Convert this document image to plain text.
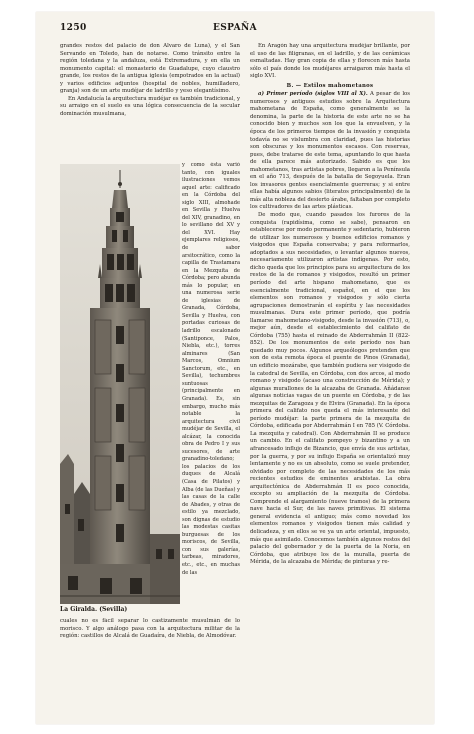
1250	ESPAÑA

grandes restos del palacio de don Álvaro de Luna), y el San Servando en Toledo, han de notarse. Como tránsito entre la región toledana y la andaluza, está Extremadura, y en ella un monumento capital: el monasterio de Guadalupe, cuyo claustro grande, los restos de la antigua iglesia (empotrados en la actual) y varios edificios adjuntos (hospital de nobles, humilladero, granja) son de un arte mudéjar de ladrillo y yeso elegantísimo.

En Andalucía la arquitectura mudéjar es también tradicional, y su arraigo en el suelo es una lógica consecuencia de la secular dominación musulmana,

La Giralda. (Sevilla)
y como ésta varió tanto, con iguales ilustraciones vemos aquel arte: calificado en la Córdoba del siglo XIII, almohade en Sevilla y Huelva del XIV, granadino, en lo sevillano del XV y del XVI. Hay ejemplares religiosos, de sabor arsitocrático, como la capilla de Trastamara en la Mezquita de Córdoba; pero abunda más lo popular, en una numerosa serie de iglesias de Granada, Córdoba, Sevilla y Huelva, con portadas curiosas de ladrillo escalonado (Santiponce, Palos, Niebla, etc.), torres alminares (San Marcos, Omnium Sanctorum, etc., en Sevilla), techumbres suntuosas (principalmente en Granada). Es, sin embargo, mucho más notable la arquitectura civil mudéjar de Sevilla, el alcázar, la conocida obra de Pedro I y sus sucesores, de arte granadino-toledano; los palacios de los duques de Alcalá (Casa de Pilatos) y Alba (de las Dueñas) y las casas de la calle de Abades, y otras de estilo ya mezclado, son dignas de estudio las modestas casitas burguesas de los moriscos, de Sevilla, con sus galerías, tarbeas, miradores, etc., etc., en muchas de las

cuales no es fácil separar lo castizamente musulmán de lo morisco. Y algo análogo pasa con la arquitectura militar de la región: castillos de Alcalá de Guadaíra, de Niebla, de Almodóvar.

En Aragón hay una arquitectura mudéjar brillante, por el uso de las filigranas, en el ladrillo, y de las cerámicas esmaltadas. Hay gran copia de ellas y florecen más hasta sólo el país donde los mudéjares arraigaron más hasta el siglo XVI.

B. — Estilos mahometanos

a) Primer período (siglos VIII al X). A pesar de los numerosos y antiguos estudios sobre la Arquitectura mahometana de España, como generalmente se la denomina, la parte de la historia de este arte no se ha conocido bien y muchos son los que la envuelven, y la época de los primeros tiempos de la invasión y conquista todavía no se vislumbra con claridad, pues las historias son obscuras y los monumentos escasos. Con reservas, pues, debe tratarse de este tema, apuntando lo que hasta de ella parece más autorizado. Sabido es que los mahometanos, tras artistas pobres, llegaron a la Península en el año 713, después de la batalla de Segoyuela. Eran los invasores gentes esencialmente guerreras; y si entre ellas había algunos sabios (literatos principalmente) de la más alta nobleza del desierto árabe, faltaban por completo los cultivadores de las artes plásticas.

De modo que, cuando pasados los furores de la conquista (rapidísima, como se sabe), pensaron en establecerse por modo permanente y sedentario, hubieron de utilizar los numerosos y buenos edificios romanos y visigodos que España conservaba; y para reformarlos, adoptados a sus necesidades, o levantar algunos nuevos, necesariamente utilizaron artistas indígenas. Por esto, dicho queda que los principios para su arquitectura de los restos de la de romanos y visigodos, resultó un primer período del arte hispano mahometano, que es esencialmente tradicional, español, en el que los elementos son romanos y visigodos y sólo cierta agrupaciones demostrarán el espíritu y las necesidades musulmanas. Dura este primer período, que podría llamarse mahometano-visigodo, desde la invasión (713), o, mejor aún, desde el establecimiento del califato de Córdoba (755) hasta el reinado de Abderrahmán II (822-852). De los monumentos de este período nos han quedado muy pocos. Algunos arqueólogos pretenden que son de esta remota época el puente de Pinos (Granada), un edificio mozárabe, que también pudiera ser visigodo de la catedral de Sevilla, en Córdoba, con dos arcos, al modo romano y visigodo (acaso una construcción de Mérida); y algunas murallones de la alcazaba de Granada. Añádanse algunas noticias vagas de un puente en Córdoba, y de las mezquitas de Zaragoza y de Elvira (Granada). En la época primera del califato nos queda el más interesante del período mudéjar: la parte primera de la mezquita de Córdoba, edificada por Abderrahmán I en 785 (V. Córdoba. La mezquita y catedral). Con Abderrahmán II se produce un cambio. En el califato pompeyo y bizantino y a un afrancesado influjo de Bizancio, que envía de sus artistas, por la guerra, y por su influjo España se orientalizó muy lentamente y no es un absoluto, como se suele pretender, olvidado por completo de las necesidades de los más recientes estudios de eminentes arabistas. La obra arquitectónica de Abderrahmán II es poco conocida, excepto su ampliación de la mezquita de Córdoba. Comprende el alargamiento (nueve tramos) de la primera nave hacia el Sur, de las naves primitivas. El sistema general evidencia el antiguo; más como novedad los elementos romanos y visigodos tienen más calidad y delicadeza, y en ellos se ve ya un arte oriental, impuesto, más que asimilado. Conocemos también algunos restos del palacio del gobernador y de la puerta de la Noria, en Córdoba, que atribuye los de la muralla, puerta de Mérida, de la alcazaba de Mérida; de pinturas y re-
